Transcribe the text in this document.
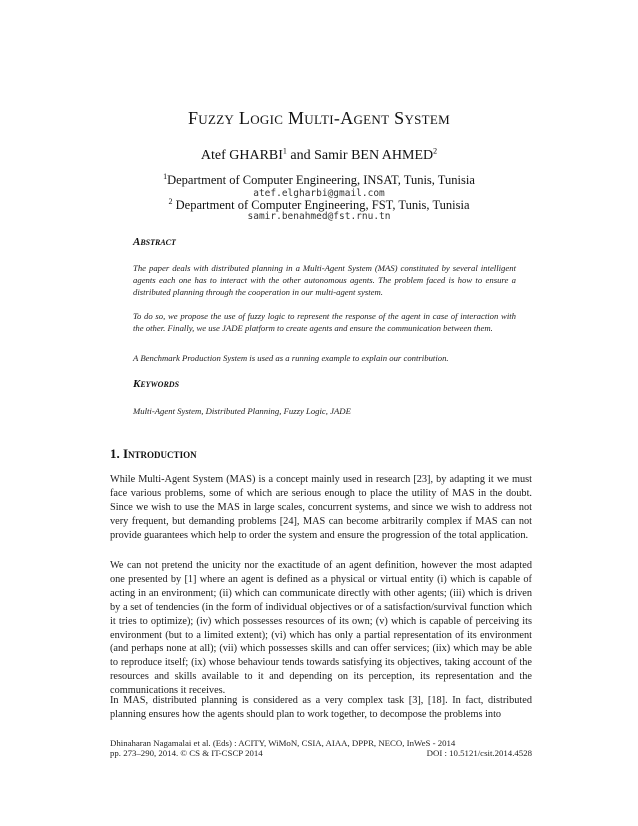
Fuzzy Logic Multi-Agent System
Atef GHARBI$^1$ and Samir BEN AHMED$^2$
$^1$Department of Computer Engineering, INSAT, Tunis, Tunisia
atef.elgharbi@gmail.com
$^2$ Department of Computer Engineering, FST, Tunis, Tunisia
samir.benahmed@fst.rnu.tn
Abstract
The paper deals with distributed planning in a Multi-Agent System (MAS) constituted by several intelligent agents each one has to interact with the other autonomous agents. The problem faced is how to ensure a distributed planning through the cooperation in our multi-agent system.
To do so, we propose the use of fuzzy logic to represent the response of the agent in case of interaction with the other. Finally, we use JADE platform to create agents and ensure the communication between them.
A Benchmark Production System is used as a running example to explain our contribution.
Keywords
Multi-Agent System, Distributed Planning, Fuzzy Logic, JADE
1. Introduction
While Multi-Agent System (MAS) is a concept mainly used in research [23], by adapting it we must face various problems, some of which are serious enough to place the utility of MAS in the doubt. Since we wish to use the MAS in large scales, concurrent systems, and since we wish to address not very frequent, but demanding problems [24], MAS can become arbitrarily complex if MAS can not provide guarantees which help to order the system and ensure the progression of the total application.
We can not pretend the unicity nor the exactitude of an agent definition, however the most adapted one presented by [1] where an agent is defined as a physical or virtual entity (i) which is capable of acting in an environment; (ii) which can communicate directly with other agents; (iii) which is driven by a set of tendencies (in the form of individual objectives or of a satisfaction/survival function which it tries to optimize); (iv) which possesses resources of its own; (v) which is capable of perceiving its environment (but to a limited extent); (vi) which has only a partial representation of its environment (and perhaps none at all); (vii) which possesses skills and can offer services; (iix) which may be able to reproduce itself; (ix) whose behaviour tends towards satisfying its objectives, taking account of the resources and skills available to it and depending on its perception, its representation and the communications it receives.
In MAS, distributed planning is considered as a very complex task [3], [18]. In fact, distributed planning ensures how the agents should plan to work together, to decompose the problems into
Dhinaharan Nagamalai et al. (Eds) : ACITY, WiMoN, CSIA, AIAA, DPPR, NECO, InWeS - 2014
pp. 273–290, 2014. © CS & IT-CSCP 2014	DOI : 10.5121/csit.2014.4528
